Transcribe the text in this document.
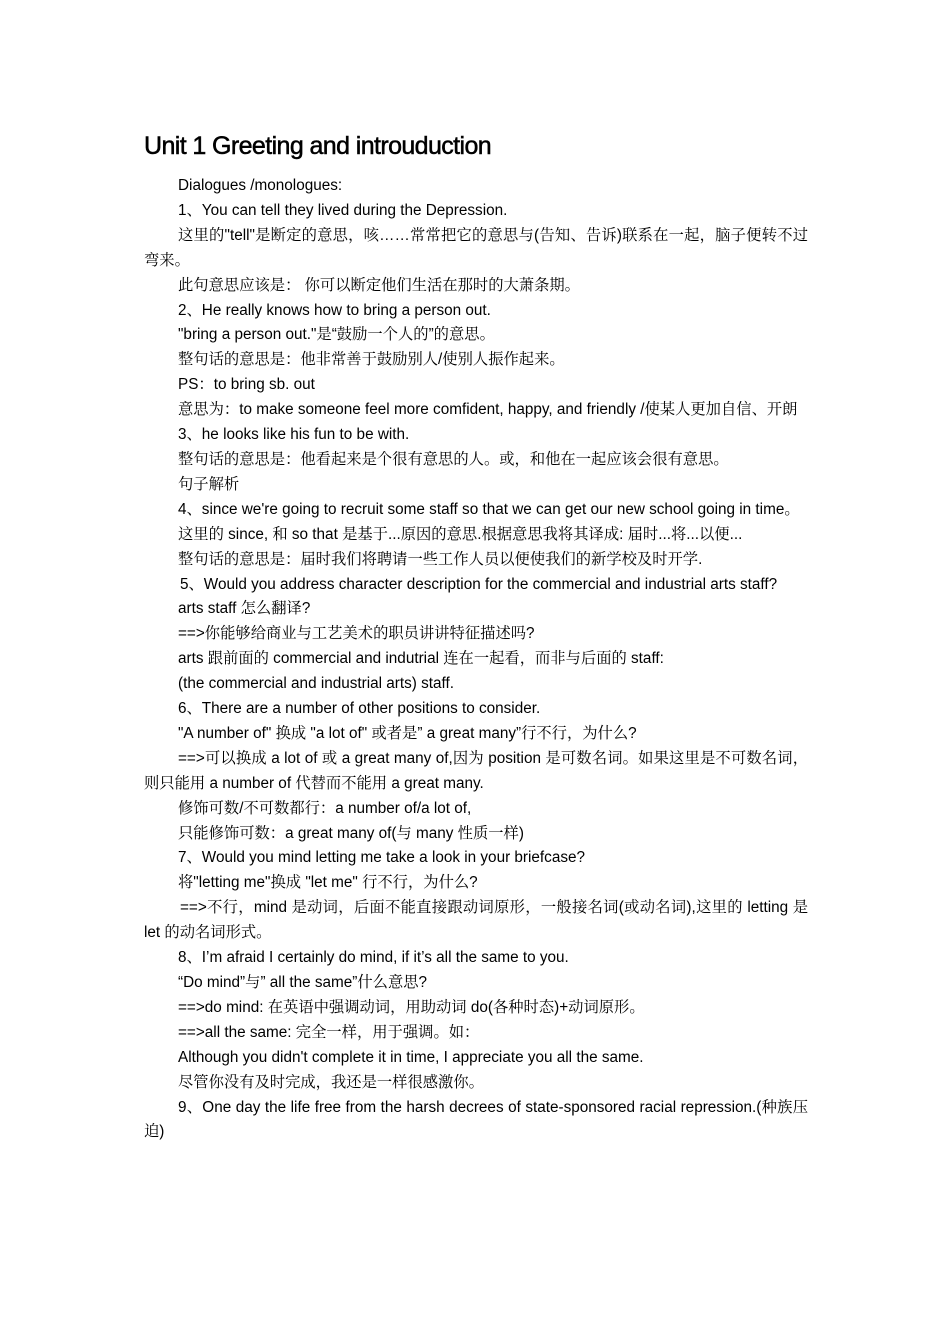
Unit 1 Greeting and introuduction

Dialogues /monologues:

1、You can tell they lived during the Depression.

这里的"tell"是断定的意思，咳……常常把它的意思与(告知、告诉)联系在一起，脑子便转不过弯来。

此句意思应该是： 你可以断定他们生活在那时的大萧条期。

2、He really knows how to bring a person out.

"bring a person out."是“鼓励一个人的”的意思。

整句话的意思是：他非常善于鼓励别人/使别人振作起来。

PS：to bring sb. out

意思为：to make someone feel more comfident, happy, and friendly /使某人更加自信、开朗

3、he looks like his fun to be with.

整句话的意思是：他看起来是个很有意思的人。或，和他在一起应该会很有意思。

句子解析

4、since we're going to recruit some staff so that we can get our new school going in time。

这里的 since, 和 so that 是基于...原因的意思.根据意思我将其译成: 届时...将...以便...

整句话的意思是：届时我们将聘请一些工作人员以便使我们的新学校及时开学.

5、Would you address character description for the commercial and industrial arts staff?

arts staff 怎么翻译?

==>你能够给商业与工艺美术的职员讲讲特征描述吗?

arts 跟前面的 commercial and indutrial 连在一起看，而非与后面的 staff:

(the commercial and industrial arts) staff.

6、There are a number of other positions to consider.

"A number of" 换成 "a lot of" 或者是” a great many”行不行，为什么?

==>可以换成 a lot of 或 a great many of,因为 position 是可数名词。如果这里是不可数名词，则只能用 a number of 代替而不能用 a great many.

修饰可数/不可数都行：a number of/a lot of,

只能修饰可数：a great many of(与 many 性质一样)

7、Would you mind letting me take a look in your briefcase?

将"letting me"换成 "let me" 行不行，为什么?

==>不行，mind 是动词，后面不能直接跟动词原形，一般接名词(或动名词),这里的 letting 是 let 的动名词形式。

8、I’m afraid I certainly do mind, if it’s all the same to you.

“Do mind”与” all the same”什么意思?

==>do mind: 在英语中强调动词，用助动词 do(各种时态)+动词原形。

==>all the same: 完全一样，用于强调。如：

Although you didn't complete it in time, I appreciate you all the same.

尽管你没有及时完成，我还是一样很感激你。

9、One day the life free from the harsh decrees of state-sponsored racial repression.(种族压迫)
